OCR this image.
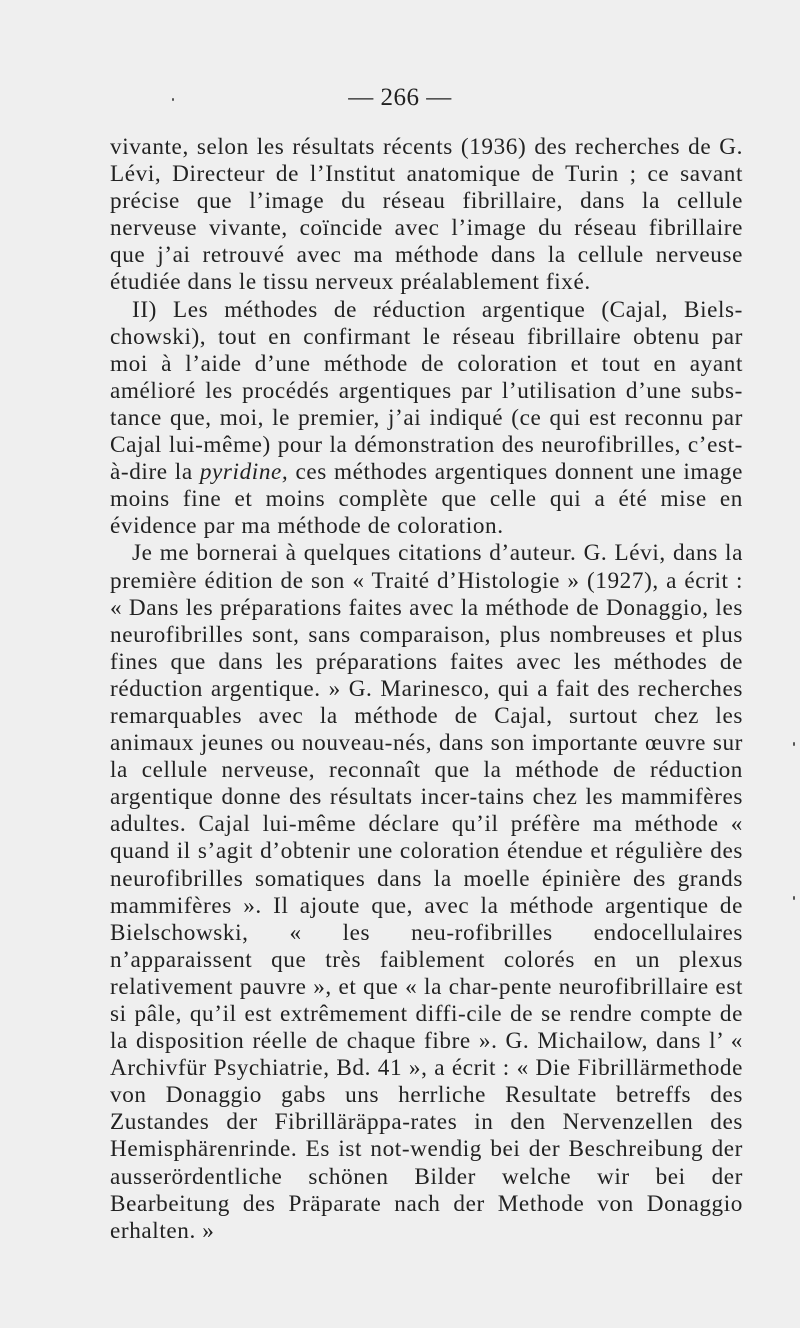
— 266 —

vivante, selon les résultats récents (1936) des recherches de G. Lévi, Directeur de l’Institut anatomique de Turin ; ce savant précise que l’image du réseau fibrillaire, dans la cellule nerveuse vivante, coïncide avec l’image du réseau fibrillaire que j’ai retrouvé avec ma méthode dans la cellule nerveuse étudiée dans le tissu nerveux préalablement fixé.

II) Les méthodes de réduction argentique (Cajal, Biels-chowski), tout en confirmant le réseau fibrillaire obtenu par moi à l’aide d’une méthode de coloration et tout en ayant amélioré les procédés argentiques par l’utilisation d’une subs-tance que, moi, le premier, j’ai indiqué (ce qui est reconnu par Cajal lui-même) pour la démonstration des neurofibrilles, c’est-à-dire la pyridine, ces méthodes argentiques donnent une image moins fine et moins complète que celle qui a été mise en évidence par ma méthode de coloration.

Je me bornerai à quelques citations d’auteur. G. Lévi, dans la première édition de son « Traité d’Histologie » (1927), a écrit : « Dans les préparations faites avec la méthode de Donaggio, les neurofibrilles sont, sans comparaison, plus nombreuses et plus fines que dans les préparations faites avec les méthodes de réduction argentique. » G. Marinesco, qui a fait des recherches remarquables avec la méthode de Cajal, surtout chez les animaux jeunes ou nouveau-nés, dans son importante œuvre sur la cellule nerveuse, reconnaît que la méthode de réduction argentique donne des résultats incer-tains chez les mammifères adultes. Cajal lui-même déclare qu’il préfère ma méthode « quand il s’agit d’obtenir une coloration étendue et régulière des neurofibrilles somatiques dans la moelle épinière des grands mammifères ». Il ajoute que, avec la méthode argentique de Bielschowski, « les neu-rofibrilles endocellulaires n’apparaissent que très faiblement colorés en un plexus relativement pauvre », et que « la char-pente neurofibrillaire est si pâle, qu’il est extrêmement diffi-cile de se rendre compte de la disposition réelle de chaque fibre ». G. Michailow, dans l’ « Archivfür Psychiatrie, Bd. 41 », a écrit : « Die Fibrillärmethode von Donaggio gabs uns herrliche Resultate betreffs des Zustandes der Fibrilläräppa-rates in den Nervenzellen des Hemisphärenrinde. Es ist not-wendig bei der Beschreibung der ausserördentliche schönen Bilder welche wir bei der Bearbeitung des Präparate nach der Methode von Donaggio erhalten. »
